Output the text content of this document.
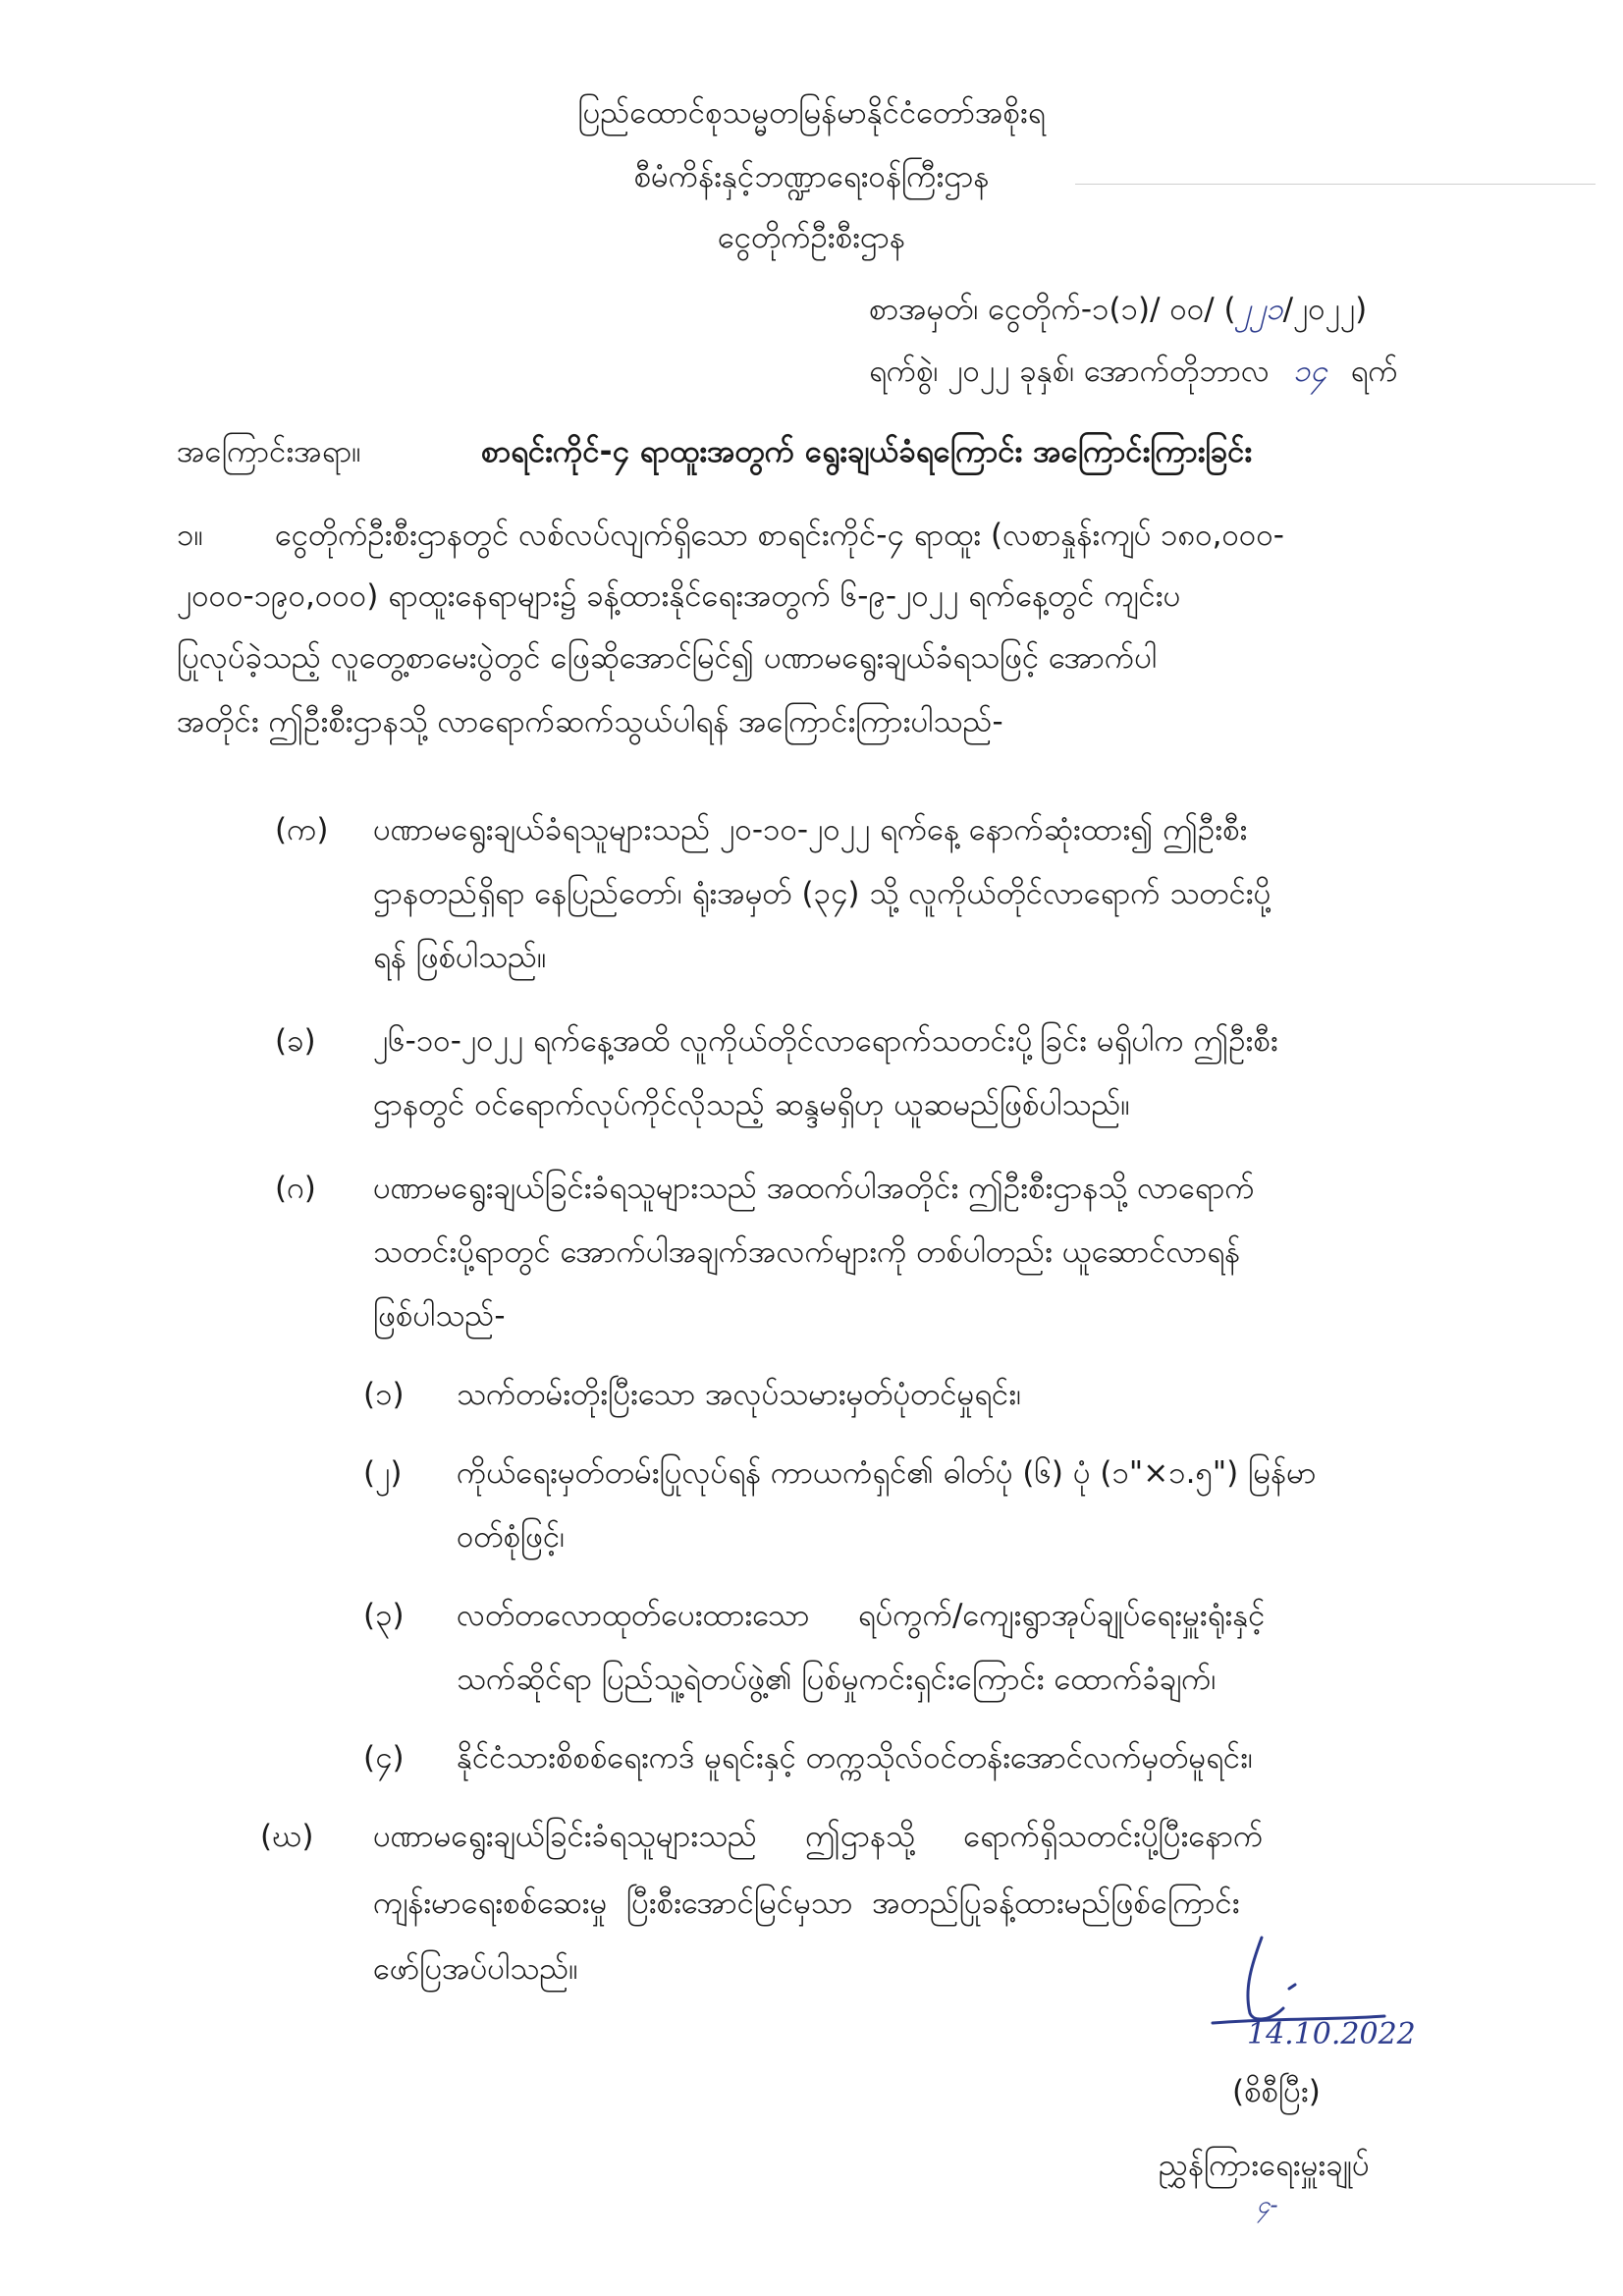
ပြည်ထောင်စုသမ္မတမြန်မာနိုင်ငံတော်အစိုးရ
စီမံကိန်းနှင့်ဘဏ္ဍာရေးဝန်ကြီးဌာန
ငွေတိုက်ဦးစီးဌာန
စာအမှတ်၊ ငွေတိုက်-၁(၁)/ ၀၀/ (၂၂၁/၂၀၂၂)
ရက်စွဲ၊ ၂၀၂၂ ခုနှစ်၊ အောက်တိုဘာလ ၁၄ ရက်
အကြောင်းအရာ။	စာရင်းကိုင်-၄ ရာထူးအတွက် ရွေးချယ်ခံရကြောင်း အကြောင်းကြားခြင်း
၁။ ငွေတိုက်ဦးစီးဌာနတွင် လစ်လပ်လျက်ရှိသော စာရင်းကိုင်-၄ ရာထူး (လစာနှုန်းကျပ် ၁၈၀,၀၀၀-
၂၀၀၀-၁၉၀,၀၀၀) ရာထူးနေရာများ၌ ခန့်ထားနိုင်ရေးအတွက် ၆-၉-၂၀၂၂ ရက်နေ့တွင် ကျင်းပ
ပြုလုပ်ခဲ့သည့် လူတွေ့စာမေးပွဲတွင် ဖြေဆိုအောင်မြင်၍ ပဏာမရွေးချယ်ခံရသဖြင့် အောက်ပါ
အတိုင်း ဤဦးစီးဌာနသို့ လာရောက်ဆက်သွယ်ပါရန် အကြောင်းကြားပါသည်-
(က) ပဏာမရွေးချယ်ခံရသူများသည် ၂၀-၁၀-၂၀၂၂ ရက်နေ့ နောက်ဆုံးထား၍ ဤဦးစီး
ဌာနတည်ရှိရာ နေပြည်တော်၊ ရုံးအမှတ် (၃၄) သို့ လူကိုယ်တိုင်လာရောက် သတင်းပို့
ရန် ဖြစ်ပါသည်။
(ခ) ၂၆-၁၀-၂၀၂၂ ရက်နေ့အထိ လူကိုယ်တိုင်လာရောက်သတင်းပို့ခြင်း မရှိပါက ဤဦးစီး
ဌာနတွင် ဝင်ရောက်လုပ်ကိုင်လိုသည့် ဆန္ဒမရှိဟု ယူဆမည်ဖြစ်ပါသည်။
(ဂ) ပဏာမရွေးချယ်ခြင်းခံရသူများသည် အထက်ပါအတိုင်း ဤဦးစီးဌာနသို့ လာရောက်
သတင်းပို့ရာတွင် အောက်ပါအချက်အလက်များကို တစ်ပါတည်း ယူဆောင်လာရန်
ဖြစ်ပါသည်-
(၁) သက်တမ်းတိုးပြီးသော အလုပ်သမားမှတ်ပုံတင်မှုရင်း၊
(၂) ကိုယ်ရေးမှတ်တမ်းပြုလုပ်ရန် ကာယကံရှင်၏ ဓါတ်ပုံ (၆) ပုံ (၁"×၁.၅") မြန်မာ
ဝတ်စုံဖြင့်၊
(၃) လတ်တလောထုတ်ပေးထားသော     ရပ်ကွက်/ကျေးရွာအုပ်ချုပ်ရေးမှူးရုံးနှင့်
သက်ဆိုင်ရာ ပြည်သူ့ရဲတပ်ဖွဲ့၏ ပြစ်မှုကင်းရှင်းကြောင်း ထောက်ခံချက်၊
(၄) နိုင်ငံသားစိစစ်ရေးကဒ် မူရင်းနှင့် တက္ကသိုလ်ဝင်တန်းအောင်လက်မှတ်မူရင်း၊
(ဃ) ပဏာမရွေးချယ်ခြင်းခံရသူများသည်     ဤဌာနသို့     ရောက်ရှိသတင်းပို့ပြီးနောက်
ကျန်းမာရေးစစ်ဆေးမှု  ပြီးစီးအောင်မြင်မှသာ  အတည်ပြုခန့်ထားမည်ဖြစ်ကြောင်း
ဖော်ပြအပ်ပါသည်။
14.10.2022
(စိစီပြီး)
ညွှန်ကြားရေးမှူးချုပ်
၄-
